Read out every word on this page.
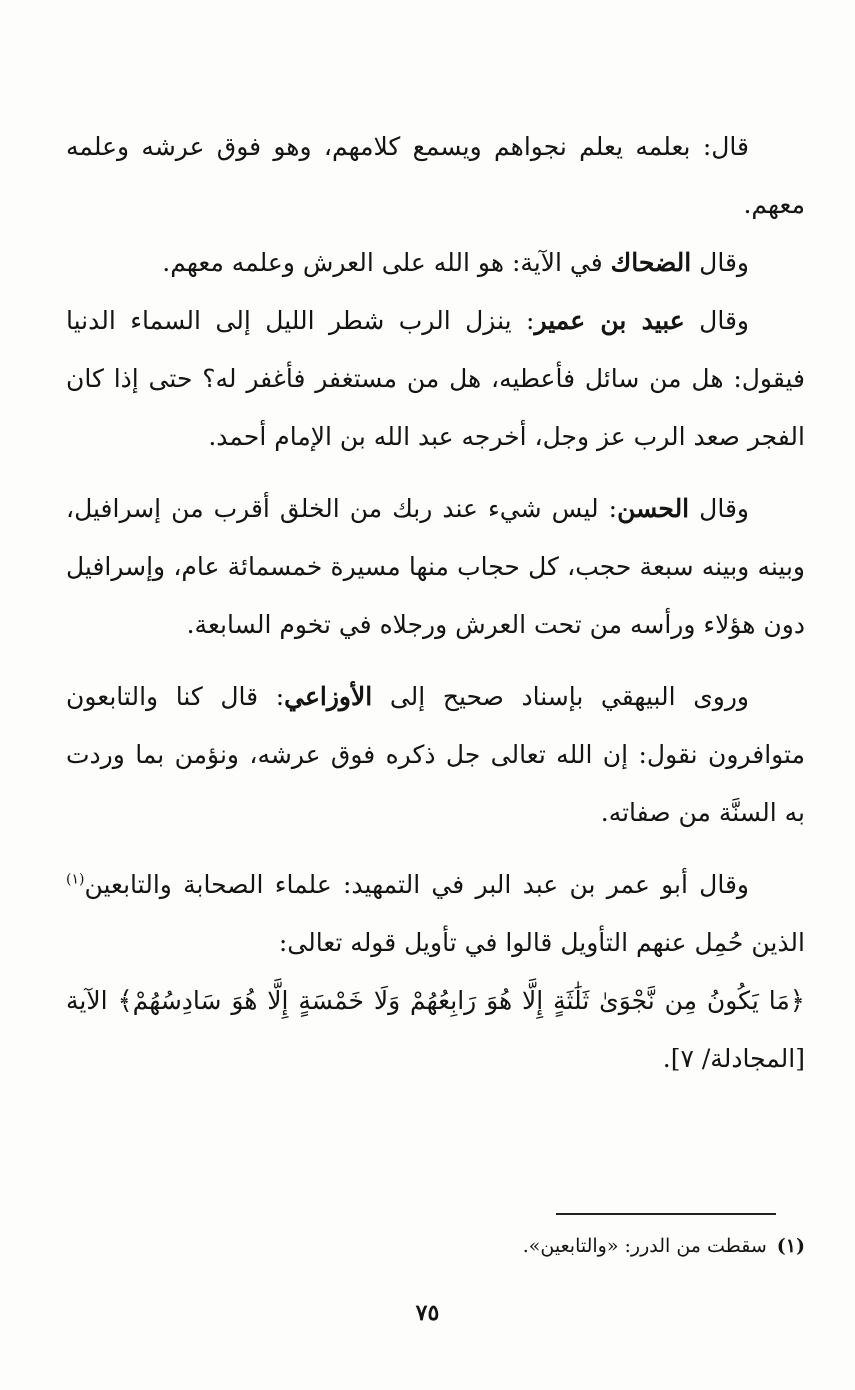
قال: بعلمه يعلم نجواهم ويسمع كلامهم، وهو فوق عرشه وعلمه معهم.

وقال الضحاك في الآية: هو الله على العرش وعلمه معهم.

وقال عبيد بن عمير: ينزل الرب شطر الليل إلى السماء الدنيا فيقول: هل من سائل فأعطيه، هل من مستغفر فأغفر له؟ حتى إذا كان الفجر صعد الرب عز وجل، أخرجه عبد الله بن الإمام أحمد.

وقال الحسن: ليس شيء عند ربك من الخلق أقرب من إسرافيل، وبينه وبينه سبعة حجب، كل حجاب منها مسيرة خمسمائة عام، وإسرافيل دون هؤلاء ورأسه من تحت العرش ورجلاه في تخوم السابعة.

وروى البيهقي بإسناد صحيح إلى الأوزاعي: قال كنا والتابعون متوافرون نقول: إن الله تعالى جل ذكره فوق عرشه، ونؤمن بما وردت به السنَّة من صفاته.

وقال أبو عمر بن عبد البر في التمهيد: علماء الصحابة والتابعين$^{(١)}$ الذين حُمِل عنهم التأويل قالوا في تأويل قوله تعالى:
﴿مَا يَكُونُ مِن نَّجْوَىٰ ثَلَٰثَةٍ إِلَّا هُوَ رَابِعُهُمْ وَلَا خَمْسَةٍ إِلَّا هُوَ سَادِسُهُمْ﴾ الآية [المجادلة/ ٧].

(١)سقطت من الدرر: «والتابعين».
٧٥
